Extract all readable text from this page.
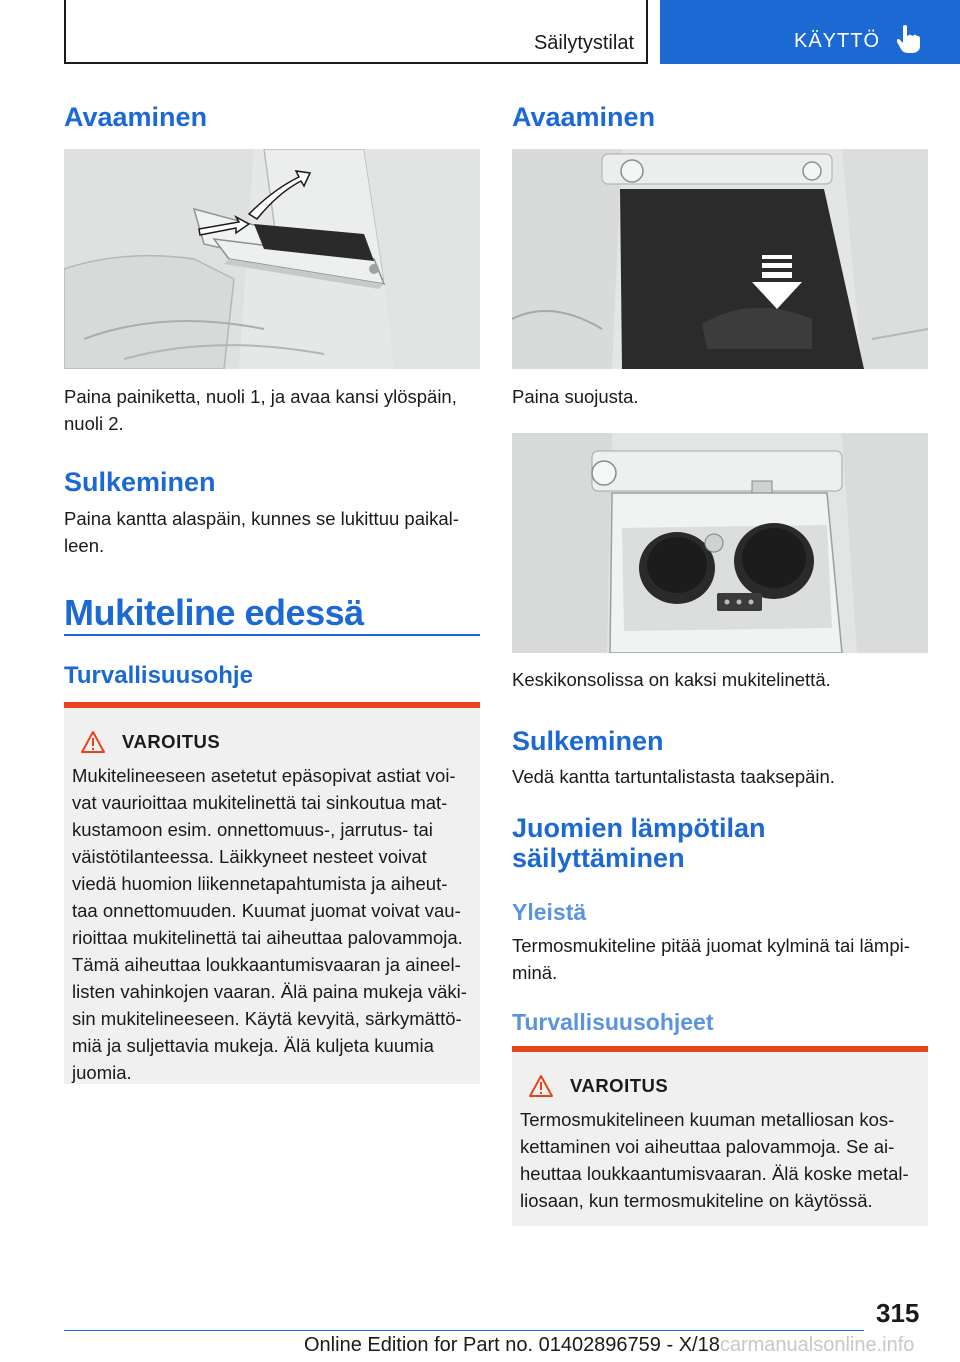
Säilytystilat	KÄYTTÖ
Avaaminen

Paina painiketta, nuoli 1, ja avaa kansi ylöspäin, nuoli 2.

Sulkeminen

Paina kantta alaspäin, kunnes se lukittuu paikal-leen.

Mukiteline edessä
Turvallisuusohje
VAROITUS
Mukitelineeseen asetetut epäsopivat astiat voi-vat vaurioittaa mukitelinettä tai sinkoutua mat-kustamoon esim. onnettomuus-, jarrutus- tai väistötilanteessa. Läikkyneet nesteet voivat viedä huomion liikennetapahtumista ja aiheut-taa onnettomuuden. Kuumat juomat voivat vau-rioittaa mukitelinettä tai aiheuttaa palovammoja. Tämä aiheuttaa loukkaantumisvaaran ja aineel-listen vahinkojen vaaran. Älä paina mukeja väki-sin mukitelineeseen. Käytä kevyitä, särkymättö-miä ja suljettavia mukeja. Älä kuljeta kuumia juomia.
Avaaminen

Paina suojusta.

Keskikonsolissa on kaksi mukitelinettä.

Sulkeminen

Vedä kantta tartuntalistasta taaksepäin.

Juomien lämpötilan
säilyttäminen
Yleistä

Termosmukiteline pitää juomat kylminä tai lämpi-minä.

Turvallisuusohjeet
VAROITUS
Termosmukitelineen kuuman metalliosan kos-kettaminen voi aiheuttaa palovammoja. Se ai-heuttaa loukkaantumisvaaran. Älä koske metal-liosaan, kun termosmukiteline on käytössä.
315
Online Edition for Part no. 01402896759 - X/18carmanualsonline.info
